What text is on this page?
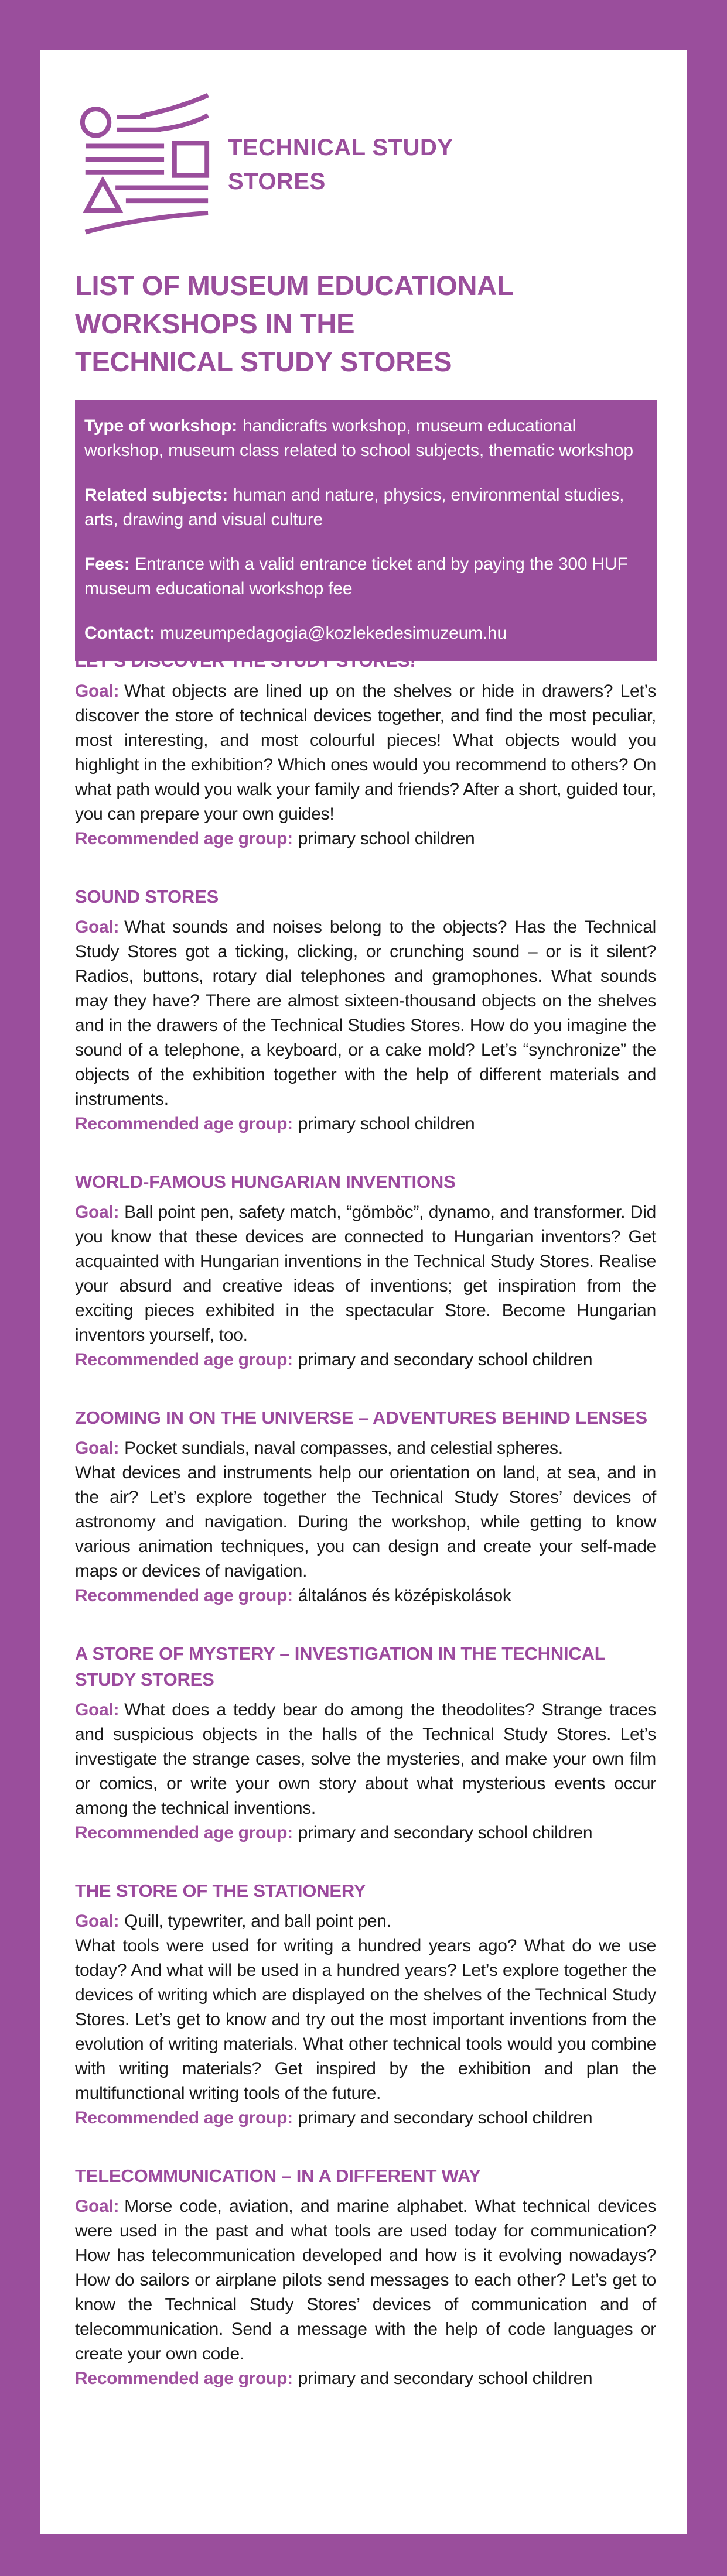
TECHNICAL STUDY
STORES
LIST OF MUSEUM EDUCATIONAL
WORKSHOPS IN THE
TECHNICAL STUDY STORES

Type of workshop: handicrafts workshop, museum educational workshop, museum class related to school subjects, thematic workshop

Related subjects: human and nature, physics, environmental studies, arts, drawing and visual culture

Fees: Entrance with a valid entrance ticket and by paying the 300 HUF museum educational workshop fee

Contact: muzeumpedagogia@kozlekedesimuzeum.hu

Goal: What objects are lined up on the shelves or hide in drawers? Let’s discover the store of technical devices together, and find the most peculiar, most interesting, and most colourful pieces! What objects would you highlight in the exhibition? Which ones would you recommend to others? On what path would you walk your family and friends? After a short, guided tour, you can prepare your own guides!

Recommended age group: primary school children

SOUND STORES

Goal: What sounds and noises belong to the objects? Has the Technical Study Stores got a ticking, clicking, or crunching sound – or is it silent? Radios, buttons, rotary dial telephones and gramophones. What sounds may they have? There are almost sixteen-thousand objects on the shelves and in the drawers of the Technical Studies Stores. How do you imagine the sound of a telephone, a keyboard, or a cake mold? Let’s “synchronize” the objects of the exhibition together with the help of different materials and instruments.

Recommended age group: primary school children

WORLD-FAMOUS HUNGARIAN INVENTIONS

Goal: Ball point pen, safety match, “gömböc”, dynamo, and transformer. Did you know that these devices are connected to Hungarian inventors? Get acquainted with Hungarian inventions in the Technical Study Stores. Realise your absurd and creative ideas of inventions; get inspiration from the exciting pieces exhibited in the spectacular Store. Become Hungarian inventors yourself, too.

Recommended age group: primary and secondary school children

ZOOMING IN ON THE UNIVERSE – ADVENTURES BEHIND LENSES

Goal: Pocket sundials, naval compasses, and celestial spheres.

What devices and instruments help our orientation on land, at sea, and in the air? Let’s explore together the Technical Study Stores’ devices of astronomy and navigation. During the workshop, while getting to know various animation techniques, you can design and create your self-made maps or devices of navigation.

Recommended age group: általános és középiskolások

A STORE OF MYSTERY – INVESTIGATION IN THE TECHNICAL STUDY STORES

Goal: What does a teddy bear do among the theodolites? Strange traces and suspicious objects in the halls of the Technical Study Stores. Let’s investigate the strange cases, solve the mysteries, and make your own film or comics, or write your own story about what mysterious events occur among the technical inventions.

Recommended age group: primary and secondary school children

THE STORE OF THE STATIONERY

Goal: Quill, typewriter, and ball point pen.

What tools were used for writing a hundred years ago? What do we use today? And what will be used in a hundred years? Let’s explore together the devices of writing which are displayed on the shelves of the Technical Study Stores. Let’s get to know and try out the most important inventions from the evolution of writing materials. What other technical tools would you combine with writing materials? Get inspired by the exhibition and plan the multifunctional writing tools of the future.

Recommended age group: primary and secondary school children

TELECOMMUNICATION – IN A DIFFERENT WAY

Goal: Morse code, aviation, and marine alphabet. What technical devices were used in the past and what tools are used today for communication? How has telecommunication developed and how is it evolving nowadays? How do sailors or airplane pilots send messages to each other? Let’s get to know the Technical Study Stores’ devices of communication and of telecommunication. Send a message with the help of code languages or create your own code.

Recommended age group: primary and secondary school children
